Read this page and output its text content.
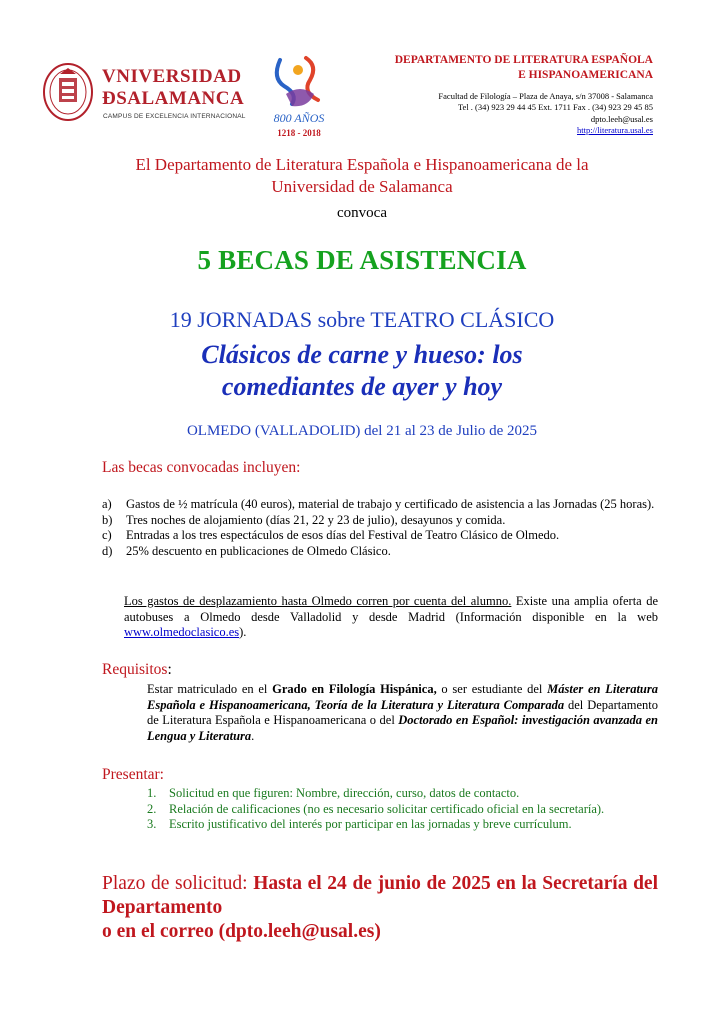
VNIVERSIDAD
ÐSALAMANCA
CAMPUS DE EXCELENCIA INTERNACIONAL 800 AÑOS
1218 - 2018
DEPARTAMENTO DE LITERATURA ESPAÑOLA
E HISPANOAMERICANA
Facultad de Filología – Plaza de Anaya, s/n 37008 - Salamanca
Tel . (34) 923 29 44 45 Ext. 1711 Fax . (34) 923 29 45 85
dpto.leeh@usal.es
http://literatura.usal.es
El Departamento de Literatura Española e Hispanoamericana de la
Universidad de Salamanca
convoca
5 BECAS DE ASISTENCIA
19 JORNADAS sobre TEATRO CLÁSICO
Clásicos de carne y hueso: los
comediantes de ayer y hoy
OLMEDO (VALLADOLID) del 21 al 23 de Julio de 2025
Las becas convocadas incluyen:
a) Gastos de ½ matrícula (40 euros), material de trabajo y certificado de asistencia a las Jornadas (25 horas).
b) Tres noches de alojamiento (días 21, 22 y 23 de julio), desayunos y comida.
c) Entradas a los tres espectáculos de esos días del Festival de Teatro Clásico de Olmedo.
d) 25% descuento en publicaciones de Olmedo Clásico.
Los gastos de desplazamiento hasta Olmedo corren por cuenta del alumno. Existe una amplia oferta de autobuses a Olmedo desde Valladolid y desde Madrid (Información disponible en la web www.olmedoclasico.es).
Requisitos:
Estar matriculado en el Grado en Filología Hispánica, o ser estudiante del Máster en Literatura Española e Hispanoamericana, Teoría de la Literatura y Literatura Comparada del Departamento de Literatura Española e Hispanoamericana o del Doctorado en Español: investigación avanzada en Lengua y Literatura.
Presentar:
1. Solicitud en que figuren: Nombre, dirección, curso, datos de contacto.
2. Relación de calificaciones (no es necesario solicitar certificado oficial en la secretaría).
3. Escrito justificativo del interés por participar en las jornadas y breve currículum.
Plazo de solicitud: Hasta el 24 de junio de 2025 en la Secretaría del Departamento
o en el correo (dpto.leeh@usal.es)
